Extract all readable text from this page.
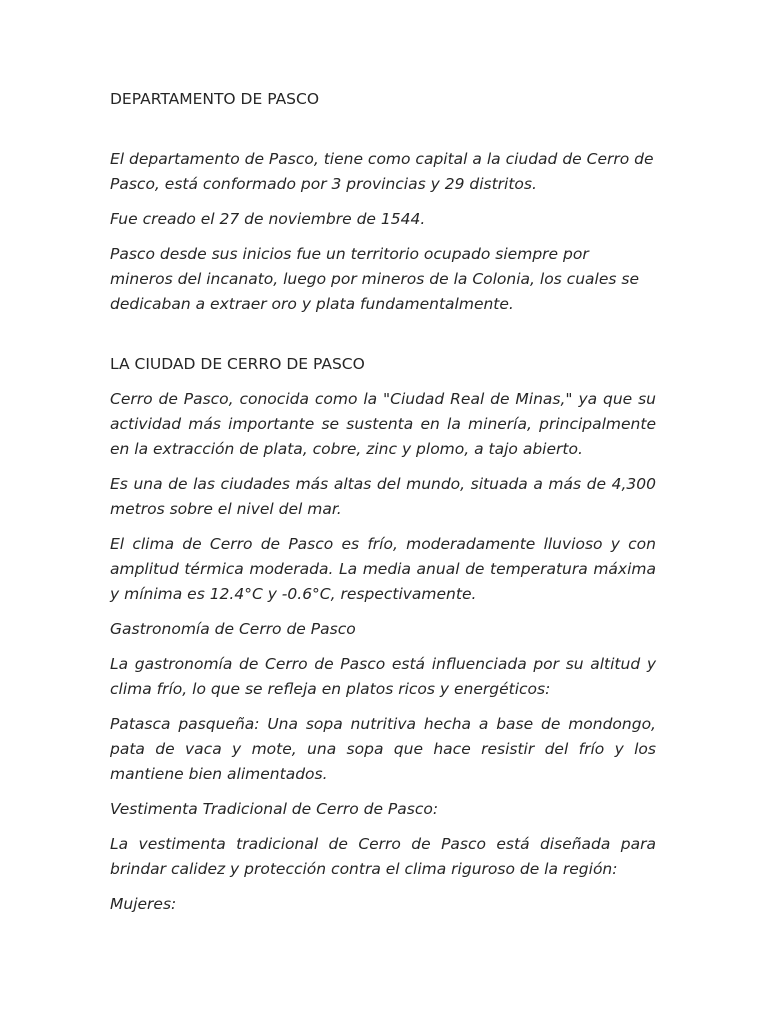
DEPARTAMENTO DE PASCO

El departamento de Pasco, tiene como capital a la ciudad de Cerro de Pasco, está conformado por 3 provincias y 29 distritos.

Fue creado el 27 de noviembre de 1544.

Pasco desde sus inicios fue un territorio ocupado siempre por mineros del incanato, luego por mineros de la Colonia, los cuales se dedicaban a extraer oro y plata fundamentalmente.

LA CIUDAD DE CERRO DE PASCO

Cerro de Pasco, conocida como la "Ciudad Real de Minas," ya que su actividad más importante se sustenta en la minería, principalmente en la extracción de plata, cobre, zinc y plomo, a tajo abierto.

Es una de las ciudades más altas del mundo, situada a más de 4,300 metros sobre el nivel del mar.

El clima de Cerro de Pasco es frío, moderadamente lluvioso y con amplitud térmica moderada. La media anual de temperatura máxima y mínima es 12.4°C y -0.6°C, respectivamente.

Gastronomía de Cerro de Pasco

La gastronomía de Cerro de Pasco está influenciada por su altitud y clima frío, lo que se refleja en platos ricos y energéticos:

Patasca pasqueña: Una sopa nutritiva hecha a base de mondongo, pata de vaca y mote, una sopa que hace resistir del frío y los mantiene bien alimentados.

Vestimenta Tradicional de Cerro de Pasco:

La vestimenta tradicional de Cerro de Pasco está diseñada para brindar calidez y protección contra el clima riguroso de la región:

Mujeres:
